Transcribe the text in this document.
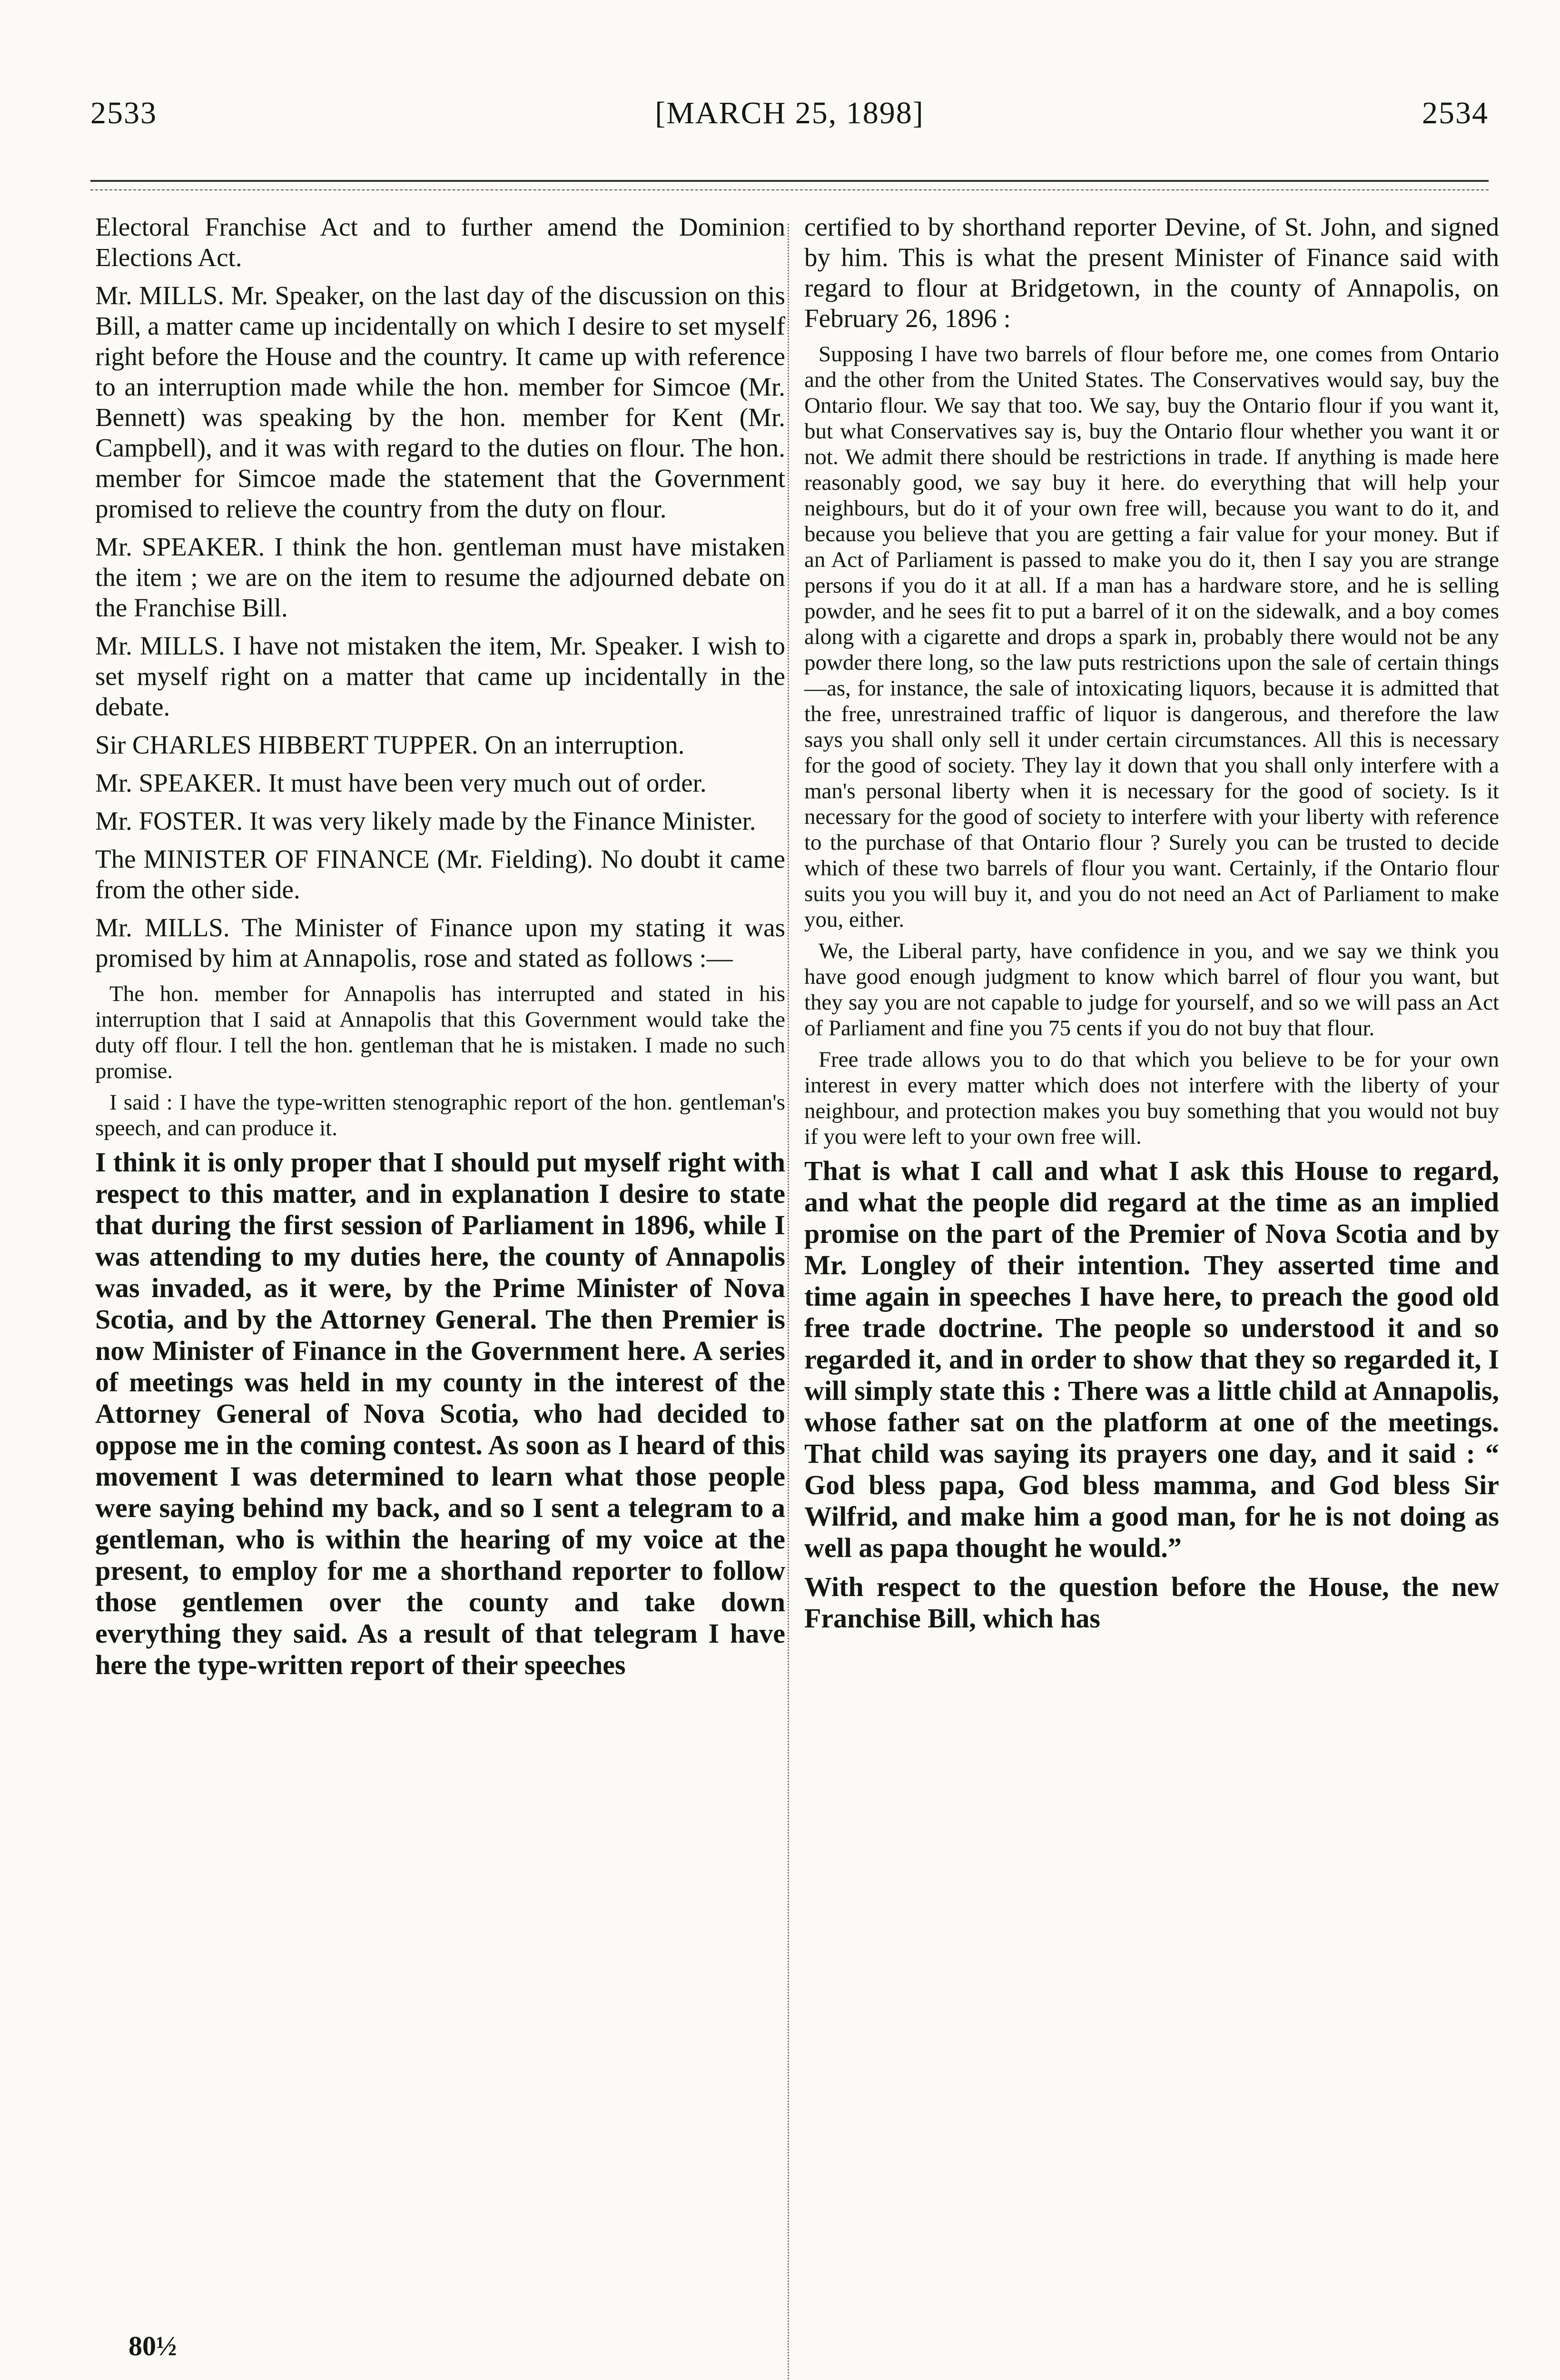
2533	[MARCH 25, 1898]	2534

Electoral Franchise Act and to further amend the Dominion Elections Act.

Mr. MILLS. Mr. Speaker, on the last day of the discussion on this Bill, a matter came up incidentally on which I desire to set myself right before the House and the country. It came up with reference to an interruption made while the hon. member for Simcoe (Mr. Bennett) was speaking by the hon. member for Kent (Mr. Campbell), and it was with regard to the duties on flour. The hon. member for Simcoe made the statement that the Government promised to relieve the country from the duty on flour.

Mr. SPEAKER. I think the hon. gentleman must have mistaken the item ; we are on the item to resume the adjourned debate on the Franchise Bill.

Mr. MILLS. I have not mistaken the item, Mr. Speaker. I wish to set myself right on a matter that came up incidentally in the debate.

Sir CHARLES HIBBERT TUPPER. On an interruption.

Mr. SPEAKER. It must have been very much out of order.

Mr. FOSTER. It was very likely made by the Finance Minister.

The MINISTER OF FINANCE (Mr. Fielding). No doubt it came from the other side.

Mr. MILLS. The Minister of Finance upon my stating it was promised by him at Annapolis, rose and stated as follows :—

The hon. member for Annapolis has interrupted and stated in his interruption that I said at Annapolis that this Government would take the duty off flour. I tell the hon. gentleman that he is mistaken. I made no such promise.

I said : I have the type-written stenographic report of the hon. gentleman's speech, and can produce it.

I think it is only proper that I should put myself right with respect to this matter, and in explanation I desire to state that during the first session of Parliament in 1896, while I was attending to my duties here, the county of Annapolis was invaded, as it were, by the Prime Minister of Nova Scotia, and by the Attorney General. The then Premier is now Minister of Finance in the Government here. A series of meetings was held in my county in the interest of the Attorney General of Nova Scotia, who had decided to oppose me in the coming contest. As soon as I heard of this movement I was determined to learn what those people were saying behind my back, and so I sent a telegram to a gentleman, who is within the hearing of my voice at the present, to employ for me a shorthand reporter to follow those gentlemen over the county and take down everything they said. As a result of that telegram I have here the type-written report of their speeches

certified to by shorthand reporter Devine, of St. John, and signed by him. This is what the present Minister of Finance said with regard to flour at Bridgetown, in the county of Annapolis, on February 26, 1896 :

Supposing I have two barrels of flour before me, one comes from Ontario and the other from the United States. The Conservatives would say, buy the Ontario flour. We say that too. We say, buy the Ontario flour if you want it, but what Conservatives say is, buy the Ontario flour whether you want it or not. We admit there should be restrictions in trade. If anything is made here reasonably good, we say buy it here. do everything that will help your neighbours, but do it of your own free will, because you want to do it, and because you believe that you are getting a fair value for your money. But if an Act of Parliament is passed to make you do it, then I say you are strange persons if you do it at all. If a man has a hardware store, and he is selling powder, and he sees fit to put a barrel of it on the sidewalk, and a boy comes along with a cigarette and drops a spark in, probably there would not be any powder there long, so the law puts restrictions upon the sale of certain things—as, for instance, the sale of intoxicating liquors, because it is admitted that the free, unrestrained traffic of liquor is dangerous, and therefore the law says you shall only sell it under certain circumstances. All this is necessary for the good of society. They lay it down that you shall only interfere with a man's personal liberty when it is necessary for the good of society. Is it necessary for the good of society to interfere with your liberty with reference to the purchase of that Ontario flour ? Surely you can be trusted to decide which of these two barrels of flour you want. Certainly, if the Ontario flour suits you you will buy it, and you do not need an Act of Parliament to make you, either.

We, the Liberal party, have confidence in you, and we say we think you have good enough judgment to know which barrel of flour you want, but they say you are not capable to judge for yourself, and so we will pass an Act of Parliament and fine you 75 cents if you do not buy that flour.

Free trade allows you to do that which you believe to be for your own interest in every matter which does not interfere with the liberty of your neighbour, and protection makes you buy something that you would not buy if you were left to your own free will.

That is what I call and what I ask this House to regard, and what the people did regard at the time as an implied promise on the part of the Premier of Nova Scotia and by Mr. Longley of their intention. They asserted time and time again in speeches I have here, to preach the good old free trade doctrine. The people so understood it and so regarded it, and in order to show that they so regarded it, I will simply state this : There was a little child at Annapolis, whose father sat on the platform at one of the meetings. That child was saying its prayers one day, and it said : “ God bless papa, God bless mamma, and God bless Sir Wilfrid, and make him a good man, for he is not doing as well as papa thought he would.”

With respect to the question before the House, the new Franchise Bill, which has

80½
